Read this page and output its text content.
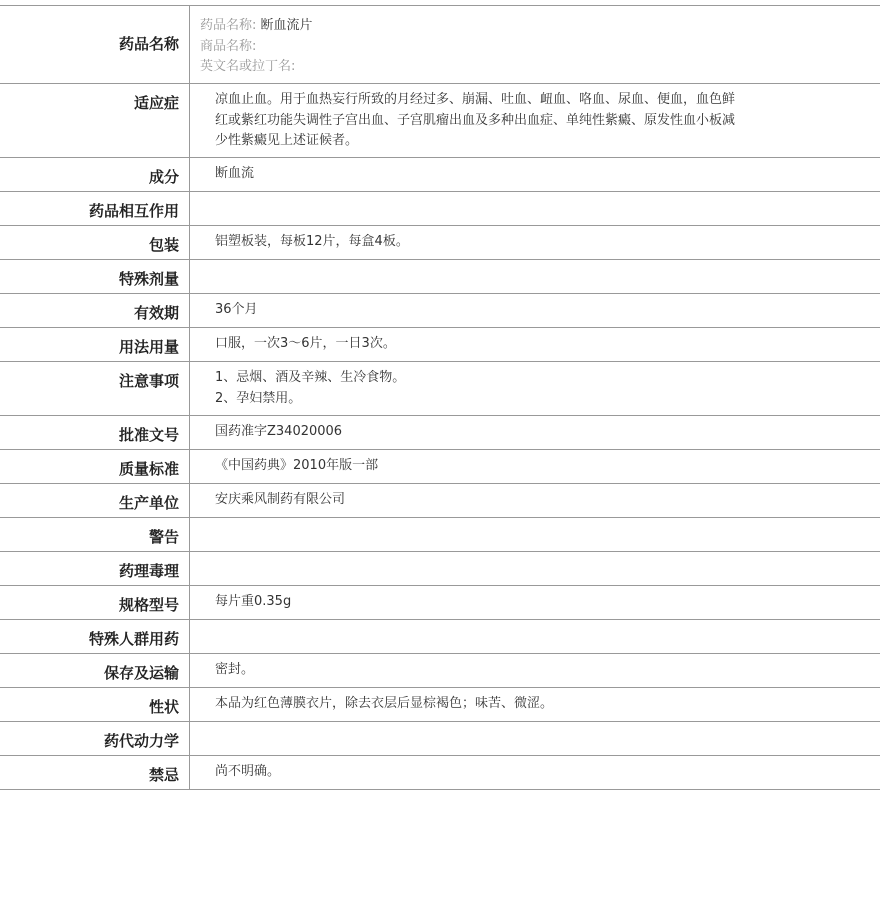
药品名称
药品名称: 断血流片
商品名称:
英文名或拉丁名:
适应症	凉血止血。用于血热妄行所致的月经过多、崩漏、吐血、衄血、咯血、尿血、便血，血色鲜
红或紫红功能失调性子宫出血、子宫肌瘤出血及多种出血症、单纯性紫癜、原发性血小板减
少性紫癜见上述证候者。
成分	断血流
药品相互作用
包装	铝塑板装，每板12片，每盒4板。
特殊剂量
有效期	36个月
用法用量	口服，一次3～6片，一日3次。
注意事项	1、忌烟、酒及辛辣、生冷食物。
2、孕妇禁用。
批准文号	国药准字Z34020006
质量标准	《中国药典》2010年版一部
生产单位	安庆乘风制药有限公司
警告
药理毒理
规格型号	每片重0.35g
特殊人群用药
保存及运输	密封。
性状	本品为红色薄膜衣片，除去衣层后显棕褐色；味苦、微涩。
药代动力学
禁忌	尚不明确。
